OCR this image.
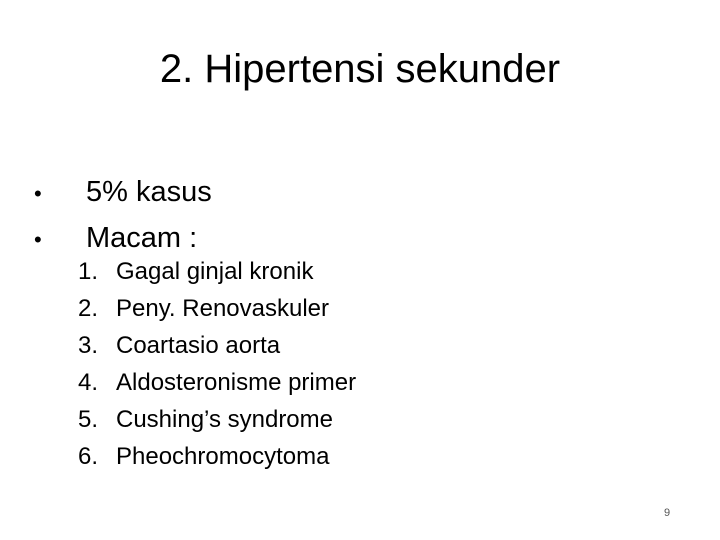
2. Hipertensi sekunder
•	5% kasus
•	Macam :
1. Gagal ginjal kronik
2. Peny. Renovaskuler
3. Coartasio aorta
4. Aldosteronisme primer
5. Cushing’s syndrome
6. Pheochromocytoma
9
